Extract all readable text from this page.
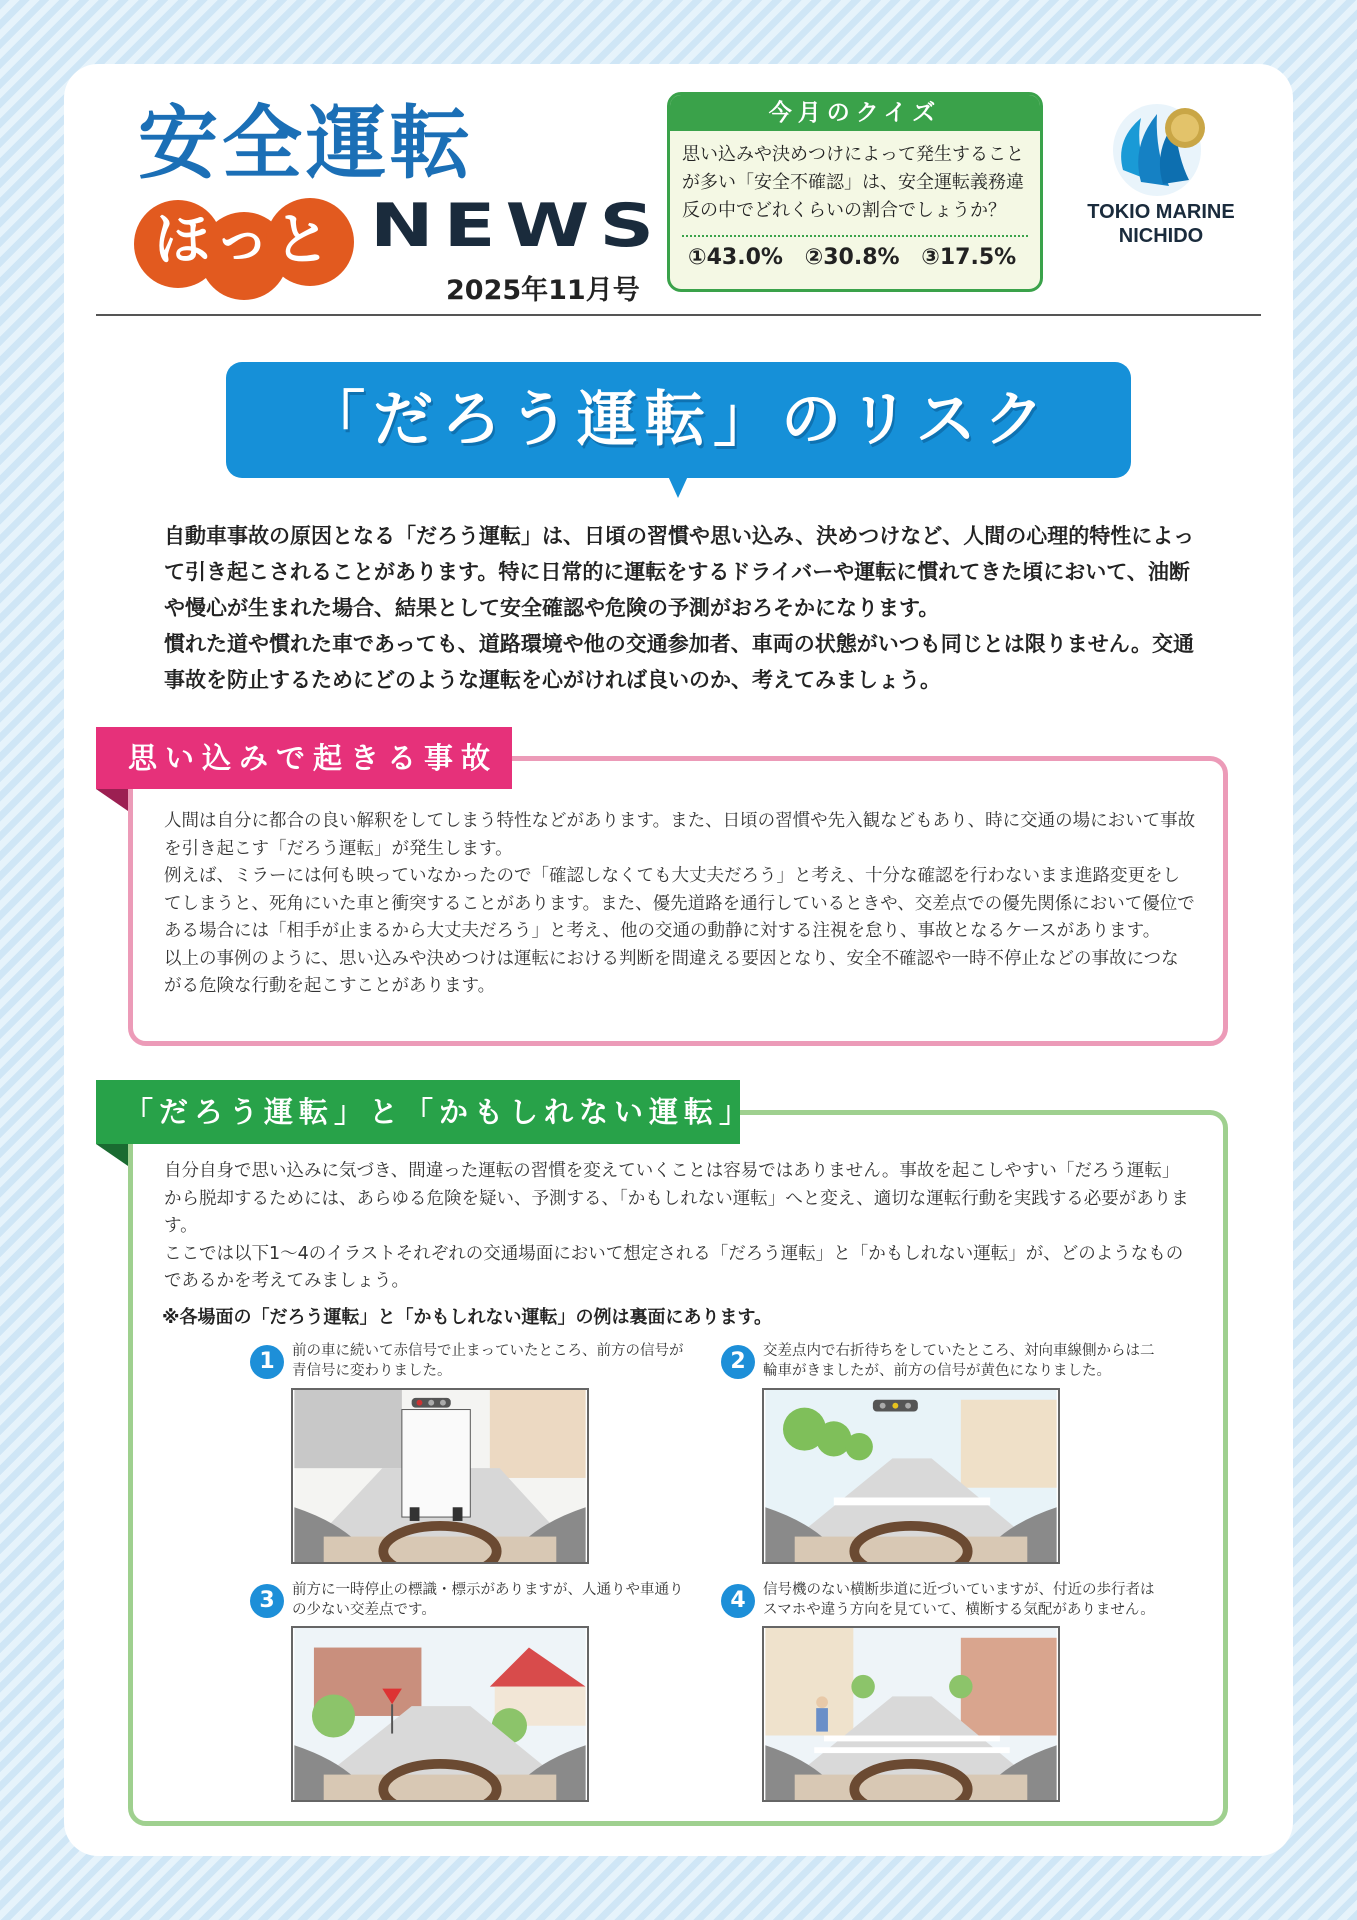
安全運転
ほっと NEWS
2025年11月号
今月のクイズ
思い込みや決めつけによって発生することが多い「安全不確認」は、安全運転義務違反の中でどれくらいの割合でしょうか？
①43.0% ②30.8% ③17.5%
TOKIO MARINE
NICHIDO
「だろう運転」のリスク

自動車事故の原因となる「だろう運転」は、日頃の習慣や思い込み、決めつけなど、人間の心理的特性によって引き起こされることがあります。特に日常的に運転をするドライバーや運転に慣れてきた頃において、油断や慢心が生まれた場合、結果として安全確認や危険の予測がおろそかになります。

慣れた道や慣れた車であっても、道路環境や他の交通参加者、車両の状態がいつも同じとは限りません。交通事故を防止するためにどのような運転を心がければ良いのか、考えてみましょう。

思い込みで起きる事故

人間は自分に都合の良い解釈をしてしまう特性などがあります。また、日頃の習慣や先入観などもあり、時に交通の場において事故を引き起こす「だろう運転」が発生します。

例えば、ミラーには何も映っていなかったので「確認しなくても大丈夫だろう」と考え、十分な確認を行わないまま進路変更をしてしまうと、死角にいた車と衝突することがあります。また、優先道路を通行しているときや、交差点での優先関係において優位である場合には「相手が止まるから大丈夫だろう」と考え、他の交通の動静に対する注視を怠り、事故となるケースがあります。

以上の事例のように、思い込みや決めつけは運転における判断を間違える要因となり、安全不確認や一時不停止などの事故につながる危険な行動を起こすことがあります。

「だろう運転」と「かもしれない運転」

自分自身で思い込みに気づき、間違った運転の習慣を変えていくことは容易ではありません。事故を起こしやすい「だろう運転」から脱却するためには、あらゆる危険を疑い、予測する、「かもしれない運転」へと変え、適切な運転行動を実践する必要があります。

ここでは以下1～4のイラストそれぞれの交通場面において想定される「だろう運転」と「かもしれない運転」が、どのようなものであるかを考えてみましょう。

※各場面の「だろう運転」と「かもしれない運転」の例は裏面にあります。
1	前の車に続いて赤信号で止まっていたところ、前方の信号が青信号に変わりました。	2	交差点内で右折待ちをしていたところ、対向車線側からは二輪車がきましたが、前方の信号が黄色になりました。
3	前方に一時停止の標識・標示がありますが、人通りや車通りの少ない交差点です。	4	信号機のない横断歩道に近づいていますが、付近の歩行者はスマホや違う方向を見ていて、横断する気配がありません。
